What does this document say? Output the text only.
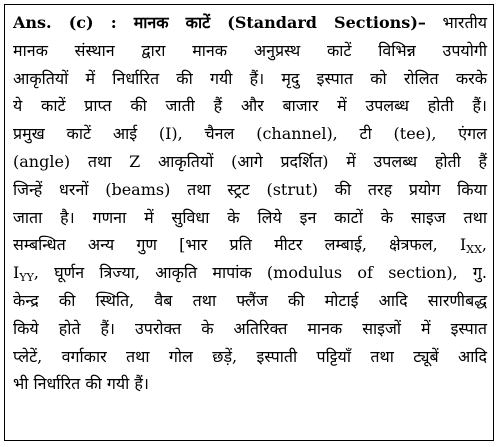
Ans. (c) : मानक काटें (Standard Sections)– भारतीय
मानक संस्थान द्वारा मानक अनुप्रस्थ काटें विभिन्न उपयोगी
आकृतियों में निर्धारित की गयी हैं। मृदु इस्पात को रोलित करके
ये काटें प्राप्त की जाती हैं और बाजार में उपलब्ध होती हैं।
प्रमुख काटें आई (I), चैनल (channel), टी (tee), एंगल
(angle) तथा Z आकृतियों (आगे प्रदर्शित) में उपलब्ध होती हैं
जिन्हें धरनों (beams) तथा स्ट्रट (strut) की तरह प्रयोग किया
जाता है। गणना में सुविधा के लिये इन काटों के साइज तथा
सम्बन्धित अन्य गुण [भार प्रति मीटर लम्बाई, क्षेत्रफल, $I_{XX}$,
$I_{YY}$, घूर्णन त्रिज्या, आकृति मापांक (modulus of section), गु.
केन्द्र की स्थिति, वैब तथा फ्लैंज की मोटाई आदि सारणीबद्ध
किये होते हैं। उपरोक्त के अतिरिक्त मानक साइजों में इस्पात
प्लेटें, वर्गाकार तथा गोल छड़ें, इस्पाती पट्टियाँ तथा ट्यूबें आदि
भी निर्धारित की गयी हैं।
